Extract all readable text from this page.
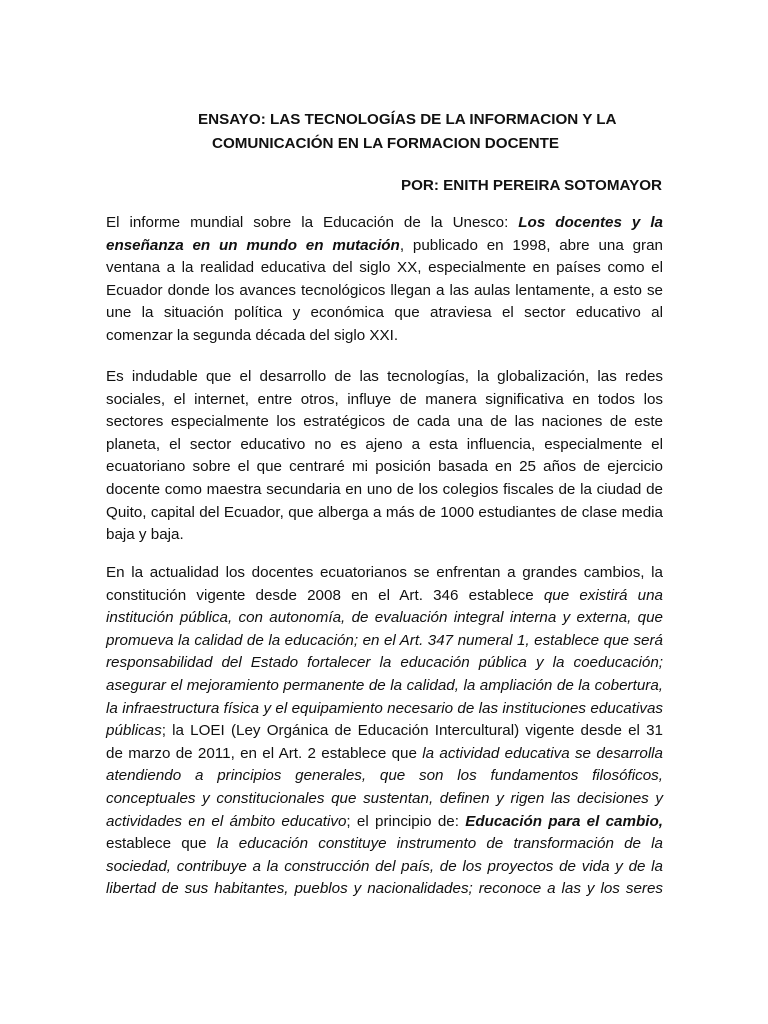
ENSAYO: LAS TECNOLOGÍAS DE LA INFORMACION Y LA
COMUNICACIÓN EN LA FORMACION DOCENTE
POR: ENITH PEREIRA SOTOMAYOR
El informe mundial sobre la Educación de la Unesco: Los docentes y la
enseñanza en un mundo en mutación, publicado en 1998, abre una gran
ventana a la realidad educativa del siglo XX, especialmente en países como el
Ecuador donde los avances tecnológicos llegan a las aulas lentamente, a esto se
une la situación política y económica que atraviesa el sector educativo al
comenzar la segunda década del siglo XXI.
Es indudable que el desarrollo de las tecnologías, la globalización, las redes
sociales, el internet, entre otros, influye de manera significativa en todos los
sectores especialmente los estratégicos de cada una de las naciones de este
planeta, el sector educativo no es ajeno a esta influencia, especialmente el
ecuatoriano sobre el que centraré mi posición basada en 25 años de ejercicio
docente como maestra secundaria en uno de los colegios fiscales de la ciudad de
Quito, capital del Ecuador, que alberga a más de 1000 estudiantes de clase media
baja y baja.
En la actualidad los docentes ecuatorianos se enfrentan a grandes cambios, la
constitución vigente desde 2008 en el Art. 346 establece que existirá una
institución pública, con autonomía, de evaluación integral interna y externa, que
promueva la calidad de la educación; en el Art. 347 numeral 1, establece que será
responsabilidad del Estado fortalecer la educación pública y la coeducación;
asegurar el mejoramiento permanente de la calidad, la ampliación de la cobertura,
la infraestructura física y el equipamiento necesario de las instituciones educativas
públicas; la LOEI (Ley Orgánica de Educación Intercultural) vigente desde el 31
de marzo de 2011, en el Art. 2 establece que la actividad educativa se desarrolla
atendiendo a principios generales, que son los fundamentos filosóficos,
conceptuales y constitucionales que sustentan, definen y rigen las decisiones y
actividades en el ámbito educativo; el principio de: Educación para el cambio,
establece que la educación constituye instrumento de transformación de la
sociedad, contribuye a la construcción del país, de los proyectos de vida y de la
libertad de sus habitantes, pueblos y nacionalidades; reconoce a las y los seres
